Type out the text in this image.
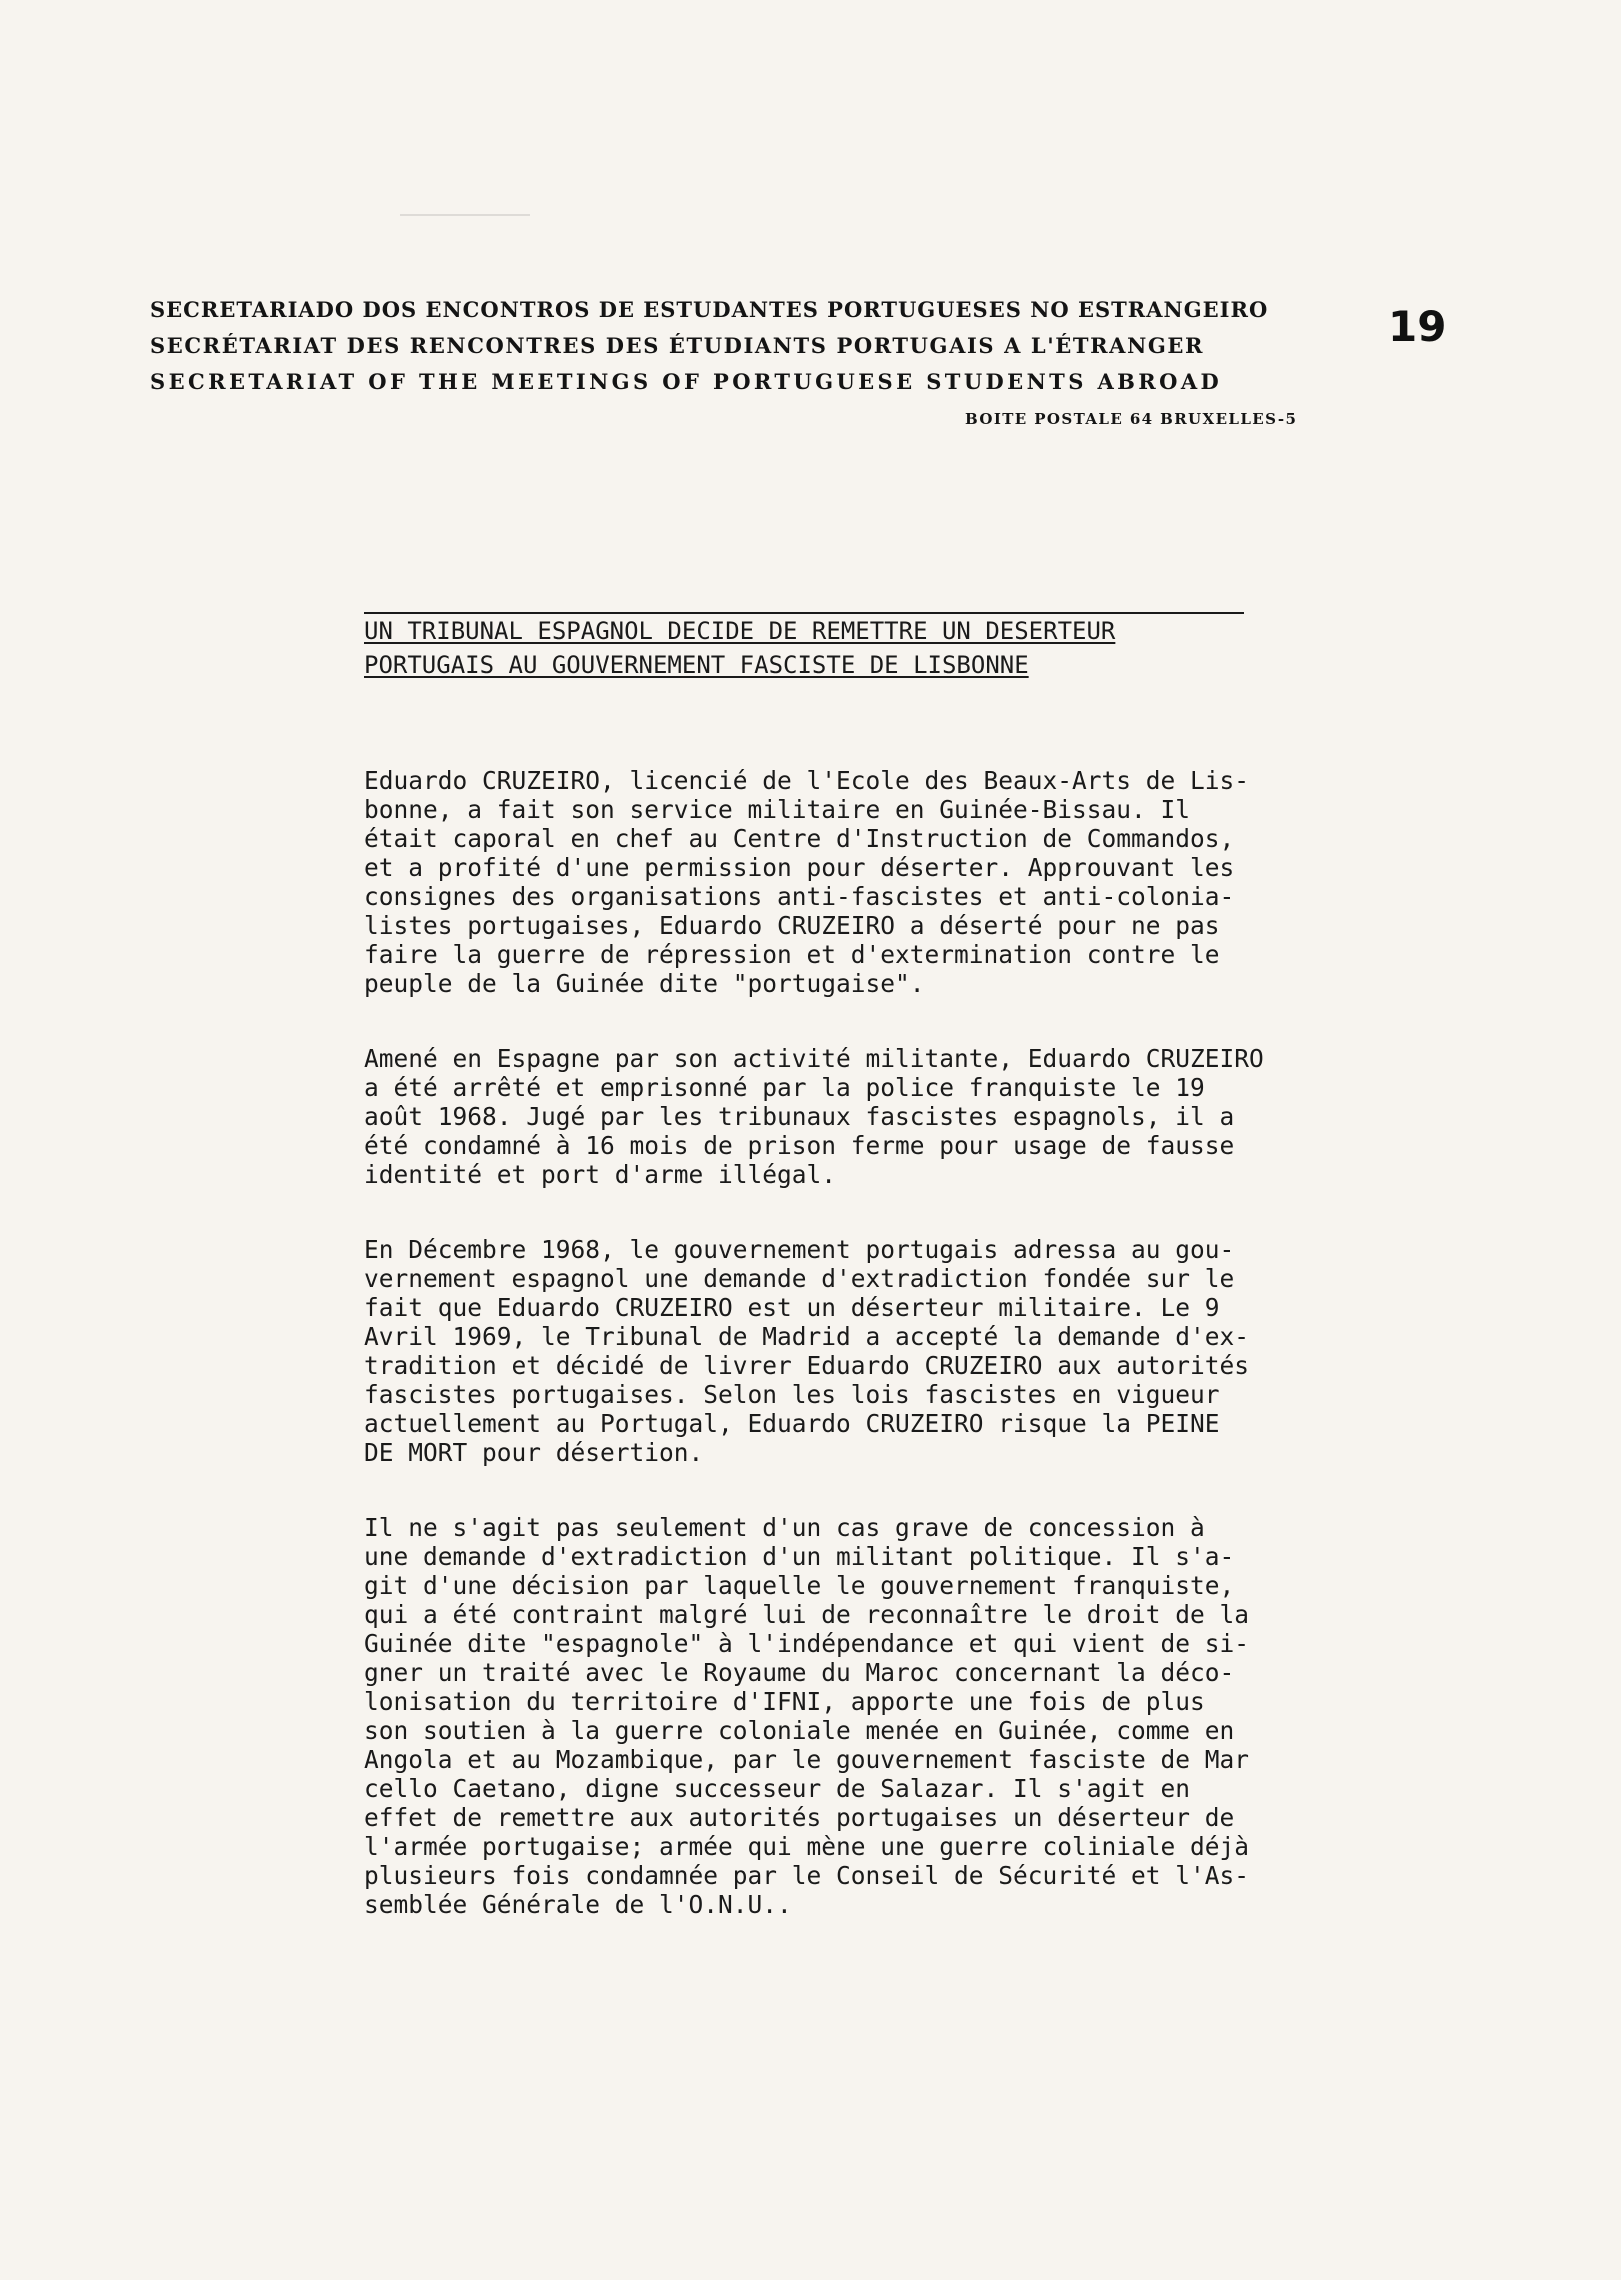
SECRETARIADO DOS ENCONTROS DE ESTUDANTES PORTUGUESES NO ESTRANGEIRO
SECRÉTARIAT DES RENCONTRES DES ÉTUDIANTS PORTUGAIS A L'ÉTRANGER
SECRETARIAT OF THE MEETINGS OF PORTUGUESE STUDENTS ABROAD
19
BOITE POSTALE 64 BRUXELLES-5
UN TRIBUNAL ESPAGNOL DECIDE DE REMETTRE UN DESERTEUR
PORTUGAIS AU GOUVERNEMENT FASCISTE DE LISBONNE
Eduardo CRUZEIRO, licencié de l'Ecole des Beaux-Arts de Lis-
bonne, a fait son service militaire en Guinée-Bissau. Il
était caporal en chef au Centre d'Instruction de Commandos,
et a profité d'une permission pour déserter. Approuvant les
consignes des organisations anti-fascistes et anti-colonia-
listes portugaises, Eduardo CRUZEIRO a déserté pour ne pas
faire la guerre de répression et d'extermination contre le
peuple de la Guinée dite "portugaise".
Amené en Espagne par son activité militante, Eduardo CRUZEIRO
a été arrêté et emprisonné par la police franquiste le 19
août 1968. Jugé par les tribunaux fascistes espagnols, il a
été condamné à 16 mois de prison ferme pour usage de fausse
identité et port d'arme illégal.
En Décembre 1968, le gouvernement portugais adressa au gou-
vernement espagnol une demande d'extradiction fondée sur le
fait que Eduardo CRUZEIRO est un déserteur militaire. Le 9
Avril 1969, le Tribunal de Madrid a accepté la demande d'ex-
tradition et décidé de livrer Eduardo CRUZEIRO aux autorités
fascistes portugaises. Selon les lois fascistes en vigueur
actuellement au Portugal, Eduardo CRUZEIRO risque la PEINE
DE MORT pour désertion.
Il ne s'agit pas seulement d'un cas grave de concession à
une demande d'extradiction d'un militant politique. Il s'a-
git d'une décision par laquelle le gouvernement franquiste,
qui a été contraint malgré lui de reconnaître le droit de la
Guinée dite "espagnole" à l'indépendance et qui vient de si-
gner un traité avec le Royaume du Maroc concernant la déco-
lonisation du territoire d'IFNI, apporte une fois de plus
son soutien à la guerre coloniale menée en Guinée, comme en
Angola et au Mozambique, par le gouvernement fasciste de Mar
cello Caetano, digne successeur de Salazar. Il s'agit en
effet de remettre aux autorités portugaises un déserteur de
l'armée portugaise; armée qui mène une guerre coliniale déjà
plusieurs fois condamnée par le Conseil de Sécurité et l'As-
semblée Générale de l'O.N.U..
